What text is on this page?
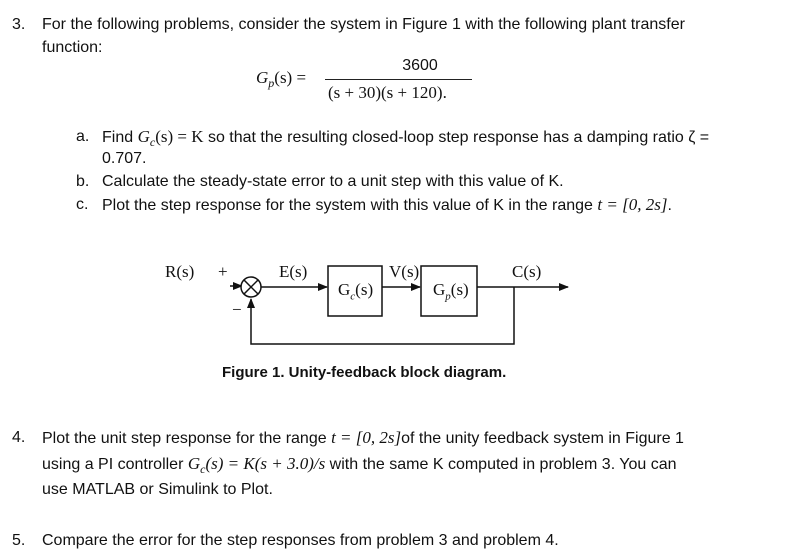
3. For the following problems, consider the system in Figure 1 with the following plant transfer
function:
$G_p(s)$ =
3600
(s + 30)(s + 120).
a. Find $G_c(s) = K$ so that the resulting closed-loop step response has a damping ratio ζ =
0.707.
b. Calculate the steady-state error to a unit step with this value of K.
c. Plot the step response for the system with this value of K in the range t = [0, 2s].
R(s) +
−
E(s)
$G_c(s)$
V(s)
$G_p(s)$
C(s)
Figure 1. Unity-feedback block diagram.
4. Plot the unit step response for the range t = [0, 2s]of the unity feedback system in Figure 1
using a PI controller $G_c(s) = K(s + 3.0)/s$ with the same K computed in problem 3. You can
use MATLAB or Simulink to Plot.
5. Compare the error for the step responses from problem 3 and problem 4.
